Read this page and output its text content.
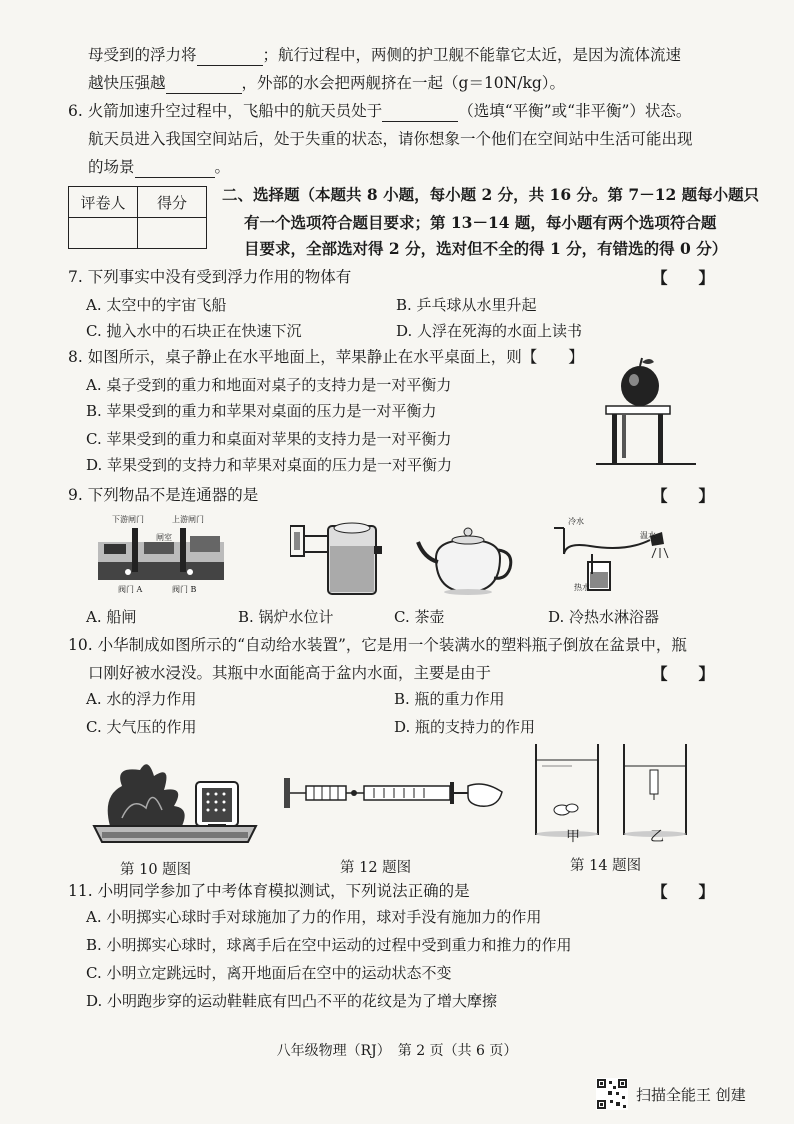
母受到的浮力将	；航行过程中，两侧的护卫舰不能靠它太近，是因为流体流速
越快压强越	，外部的水会把两舰挤在一起（g＝10N/kg）。
6. 火箭加速升空过程中，飞船中的航天员处于	（选填“平衡”或“非平衡”）状态。
航天员进入我国空间站后，处于失重的状态，请你想象一个他们在空间站中生活可能出现
的场景	。
评卷人	得分
	二、选择题（本题共 8 小题，每小题 2 分，共 16 分。第 7－12 题每小题只
有一个选项符合题目要求；第 13－14 题，每小题有两个选项符合题
目要求，全部选对得 2 分，选对但不全的得 1 分，有错选的得 0 分）
7. 下列事实中没有受到浮力作用的物体有	【　　】
A. 太空中的宇宙飞船	B. 乒乓球从水里升起
C. 抛入水中的石块正在快速下沉	D. 人浮在死海的水面上读书
8. 如图所示，桌子静止在水平地面上，苹果静止在水平桌面上，则【　　】
A. 桌子受到的重力和地面对桌子的支持力是一对平衡力
B. 苹果受到的重力和苹果对桌面的压力是一对平衡力
C. 苹果受到的重力和桌面对苹果的支持力是一对平衡力
D. 苹果受到的支持力和苹果对桌面的压力是一对平衡力
9. 下列物品不是连通器的是	【　　】
下游闸门	上游闸门
闸室
阀门 A	阀门 B
冷水
温水
热水
A. 船闸	B. 锅炉水位计	C. 茶壶	D. 冷热水淋浴器
10. 小华制成如图所示的“自动给水装置”，它是用一个装满水的塑料瓶子倒放在盆景中，瓶
口刚好被水浸没。其瓶中水面能高于盆内水面，主要是由于	【　　】
A. 水的浮力作用	B. 瓶的重力作用
C. 大气压的作用	D. 瓶的支持力的作用
甲	乙
第 10 题图	第 12 题图	第 14 题图
11. 小明同学参加了中考体育模拟测试，下列说法正确的是	【　　】
A. 小明掷实心球时手对球施加了力的作用，球对手没有施加力的作用
B. 小明掷实心球时，球离手后在空中运动的过程中受到重力和推力的作用
C. 小明立定跳远时，离开地面后在空中的运动状态不变
D. 小明跑步穿的运动鞋鞋底有凹凸不平的花纹是为了增大摩擦
八年级物理（RJ）　第 2 页（共 6 页）
扫描全能王 创建
